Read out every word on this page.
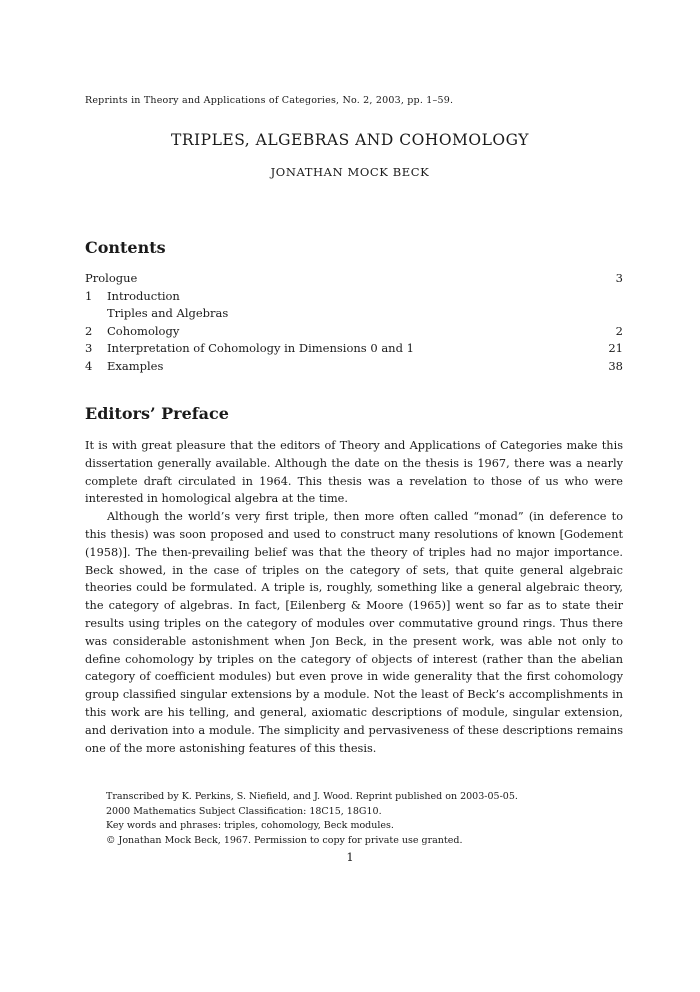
Reprints in Theory and Applications of Categories, No. 2, 2003, pp. 1–59.
TRIPLES, ALGEBRAS AND COHOMOLOGY
JONATHAN MOCK BECK
Contents
Prologue	3
1	Introduction
Triples and Algebras
2	Cohomology	2
3	Interpretation of Cohomology in Dimensions 0 and 1	21
4	Examples	38
Editors’ Preface

It is with great pleasure that the editors of Theory and Applications of Categories make this dissertation generally available. Although the date on the thesis is 1967, there was a nearly complete draft circulated in 1964. This thesis was a revelation to those of us who were interested in homological algebra at the time.

Although the world’s very first triple, then more often called “monad” (in deference to this thesis) was soon proposed and used to construct many resolutions of known [Godement (1958)]. The then-prevailing belief was that the theory of triples had no major importance. Beck showed, in the case of triples on the category of sets, that quite general algebraic theories could be formulated. A triple is, roughly, something like a general algebraic theory, the category of algebras. In fact, [Eilenberg & Moore (1965)] went so far as to state their results using triples on the category of modules over commutative ground rings. Thus there was considerable astonishment when Jon Beck, in the present work, was able not only to define cohomology by triples on the category of objects of interest (rather than the abelian category of coefficient modules) but even prove in wide generality that the first cohomology group classified singular extensions by a module. Not the least of Beck’s accomplishments in this work are his telling, and general, axiomatic descriptions of module, singular extension, and derivation into a module. The simplicity and pervasiveness of these descriptions remains one of the more astonishing features of this thesis.

Transcribed by K. Perkins, S. Niefield, and J. Wood. Reprint published on 2003-05-05.
2000 Mathematics Subject Classification: 18C15, 18G10.
Key words and phrases: triples, cohomology, Beck modules.
© Jonathan Mock Beck, 1967. Permission to copy for private use granted.
1
